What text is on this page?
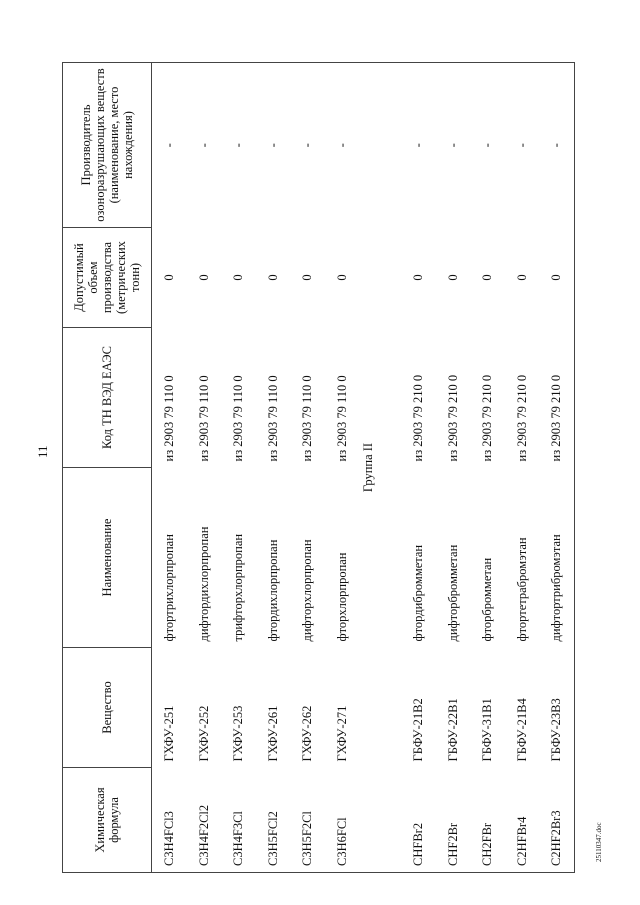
11
25110347.doc
Химическая формула	Вещество	Наименование	Код ТН ВЭД ЕАЭС	Допустимый объем производства (метрических тонн)	Производитель озоноразрушающих веществ (наименование, место нахождения)
C3H4FCl3	ГХФУ-251	фтортрихлорпропан	из 2903 79 110 0	0	-
C3H4F2Cl2	ГХФУ-252	дифтордихлорпропан	из 2903 79 110 0	0	-
C3H4F3Cl	ГХФУ-253	трифторхлорпропан	из 2903 79 110 0	0	-
C3H5FCl2	ГХФУ-261	фтордихлорпропан	из 2903 79 110 0	0	-
C3H5F2Cl	ГХФУ-262	дифторхлорпропан	из 2903 79 110 0	0	-
C3H6FCl	ГХФУ-271	фторхлорпропан	из 2903 79 110 0	0	-
Группа II					
CHFBr2	ГБФУ-21В2	фтордибромметан	из 2903 79 210 0	0	-
CHF2Br	ГБФУ-22В1	дифторбромметан	из 2903 79 210 0	0	-
CH2FBr	ГБФУ-31В1	фторбромметан	из 2903 79 210 0	0	-
C2HFBr4	ГБФУ-21В4	фтортетрабромэтан	из 2903 79 210 0	0	-
C2HF2Br3	ГБФУ-23В3	дифтортрибромэтан	из 2903 79 210 0	0	-
